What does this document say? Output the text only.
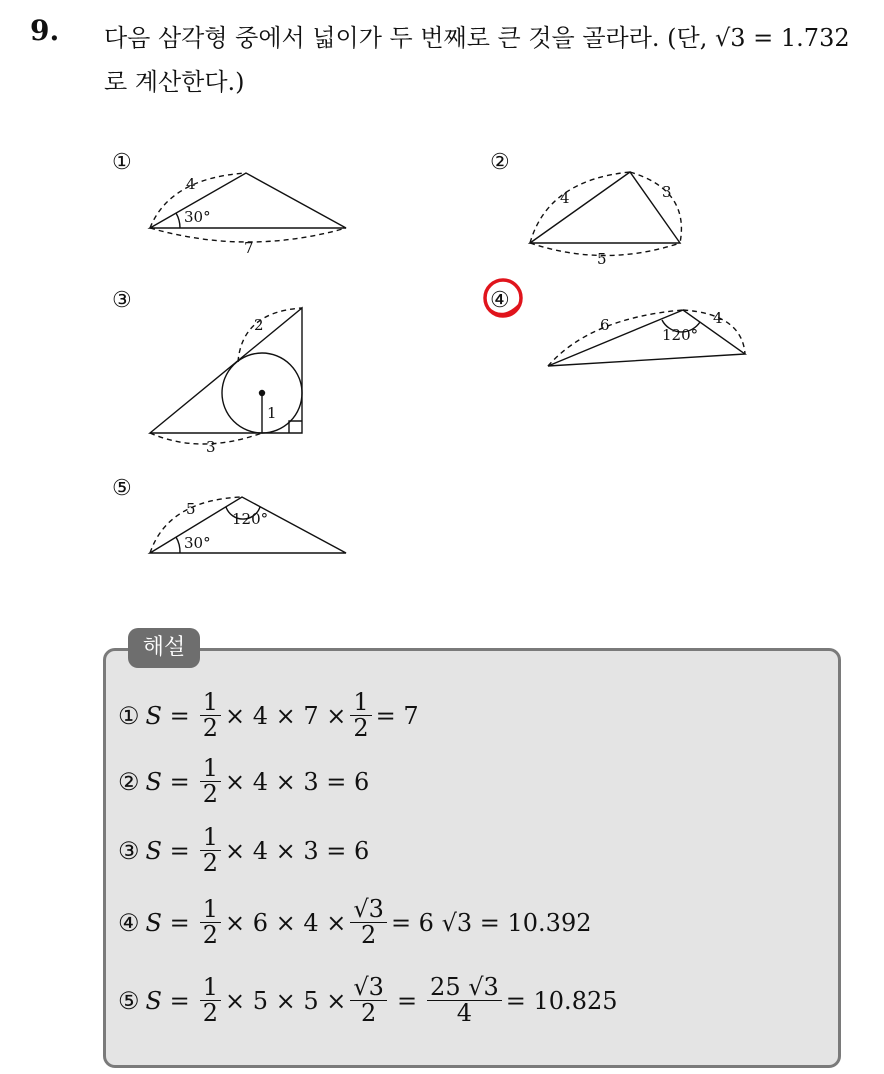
9. 다음 삼각형 중에서 넓이가 두 번째로 큰 것을 골라라. (단, √3 = 1.732
로 계산한다.)
①	②
③	④
⑤
4
7
30°
4	3
5
2
3
1
6	4
120°
5
120°
30°
해설
① $S = \frac{1}{2} \times 4 \times 7 \times \frac{1}{2} = 7$
② $S = \frac{1}{2} \times 4 \times 3 = 6$
③ $S = \frac{1}{2} \times 4 \times 3 = 6$
④ $S = \frac{1}{2} \times 6 \times 4 \times \frac{√3}{2} = 6$ √3 = 10.392
⑤ $S = \frac{1}{2} \times 5 \times 5 \times \frac{√3}{2} = \frac{25 √3}{4} = 10.825$
